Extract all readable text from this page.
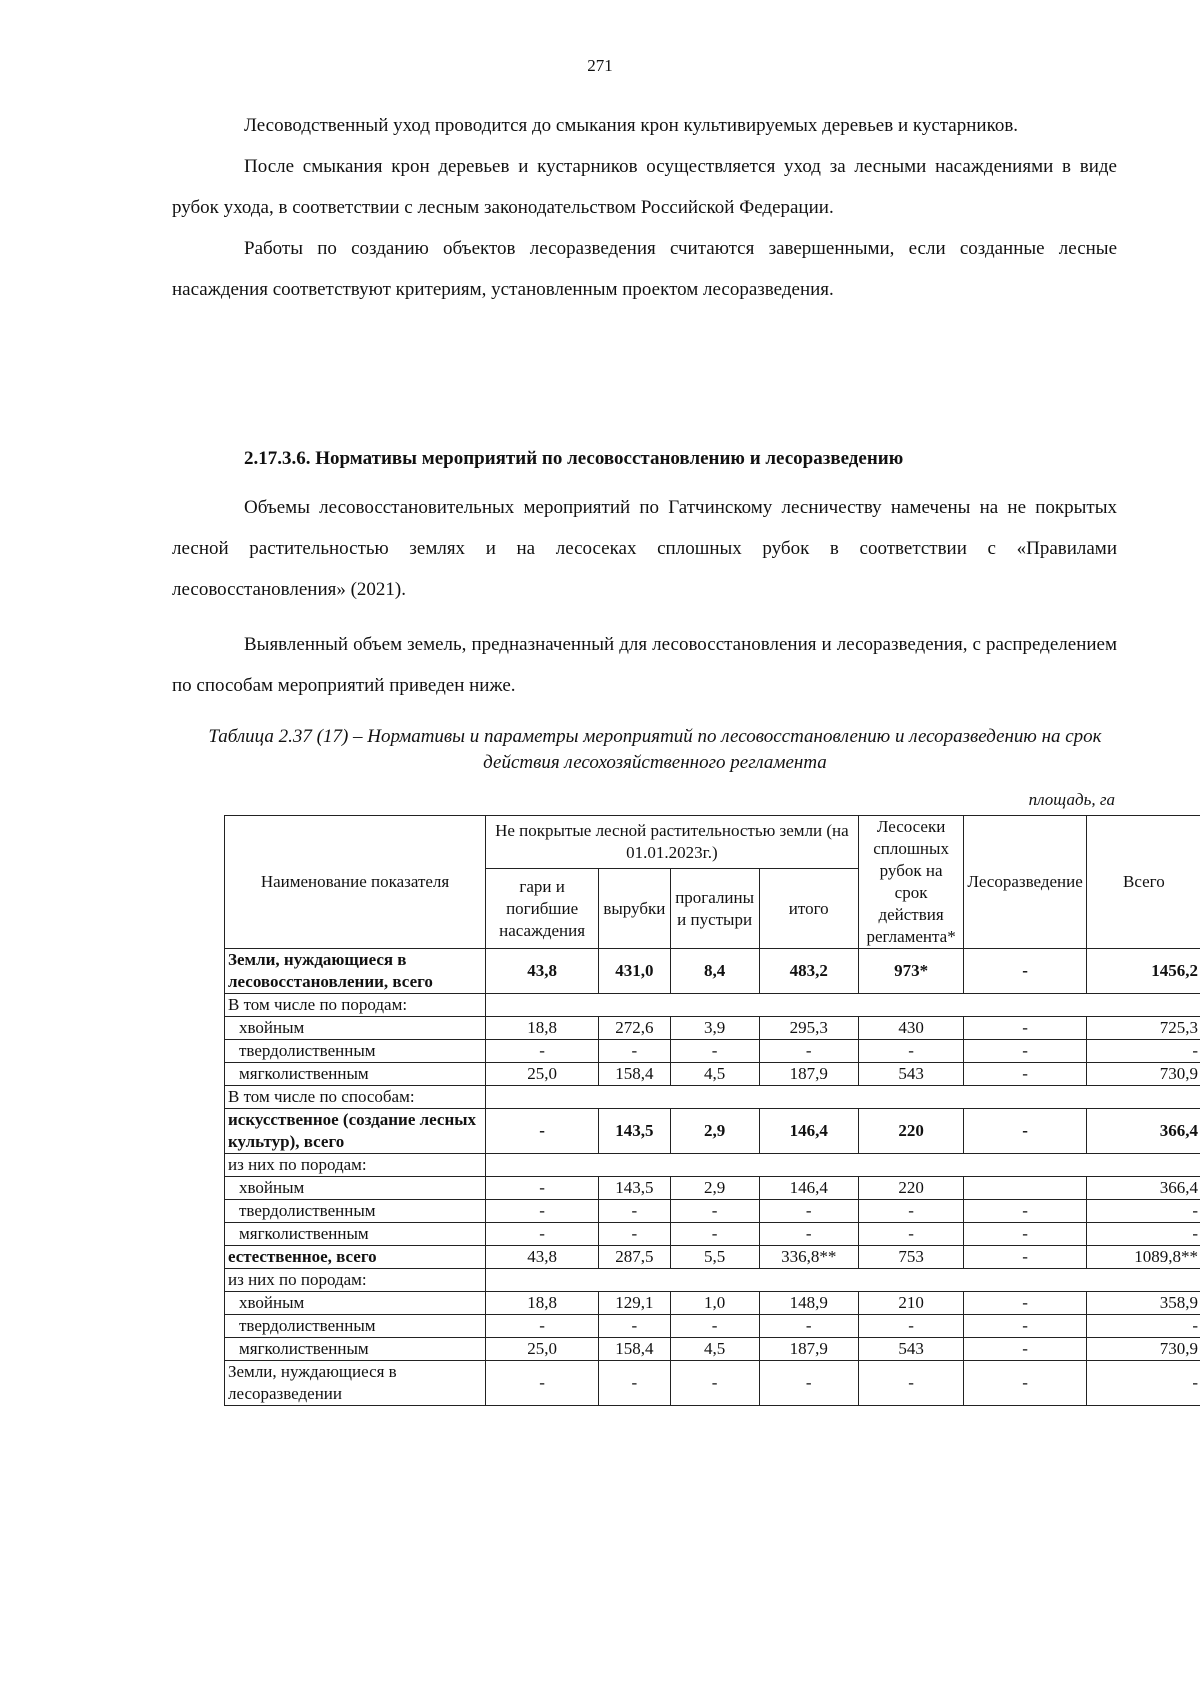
271

Лесоводственный уход проводится до смыкания крон культивируемых деревьев и кустарников.

После смыкания крон деревьев и кустарников осуществляется уход за лесными насаждениями в виде рубок ухода, в соответствии с лесным законодательством Российской Федерации.

Работы по созданию объектов лесоразведения считаются завершенными, если созданные лесные насаждения соответствуют критериям, установленным проектом лесоразведения.

2.17.3.6. Нормативы мероприятий по лесовосстановлению и лесоразведению

Объемы лесовосстановительных мероприятий по Гатчинскому лесничеству намечены на не покрытых лесной растительностью землях и на лесосеках сплошных рубок в соответствии с «Правилами лесовосстановления» (2021).

Выявленный объем земель, предназначенный для лесовосстановления и лесоразведения, с распределением по способам мероприятий приведен ниже.

Таблица 2.37 (17) – Нормативы и параметры мероприятий по лесовосстановлению и лесоразведению на срок действия лесохозяйственного регламента
площадь, га
Наименование показателя	Не покрытые лесной растительностью земли (на 01.01.2023г.)				Лесосеки сплошных рубок на срок действия регламента*	Лесоразведение	Всего
	гари и погибшие насаждения	вырубки	прогалины и пустыри	итого			
Земли, нуждающиеся в лесовосстановлении, всего	43,8	431,0	8,4	483,2	973*	-	1456,2
В том числе по породам:							
хвойным	18,8	272,6	3,9	295,3	430	-	725,3
твердолиственным	-	-	-	-	-	-	-
мягколиственным	25,0	158,4	4,5	187,9	543	-	730,9
В том числе по способам:							
искусственное (создание лесных культур), всего	-	143,5	2,9	146,4	220	-	366,4
из них по породам:							
хвойным	-	143,5	2,9	146,4	220		366,4
твердолиственным	-	-	-	-	-	-	-
мягколиственным	-	-	-	-	-	-	-
естественное, всего	43,8	287,5	5,5	336,8**	753	-	1089,8**
из них по породам:							
хвойным	18,8	129,1	1,0	148,9	210	-	358,9
твердолиственным	-	-	-	-	-	-	-
мягколиственным	25,0	158,4	4,5	187,9	543	-	730,9
Земли, нуждающиеся в лесоразведении	-	-	-	-	-	-	-
